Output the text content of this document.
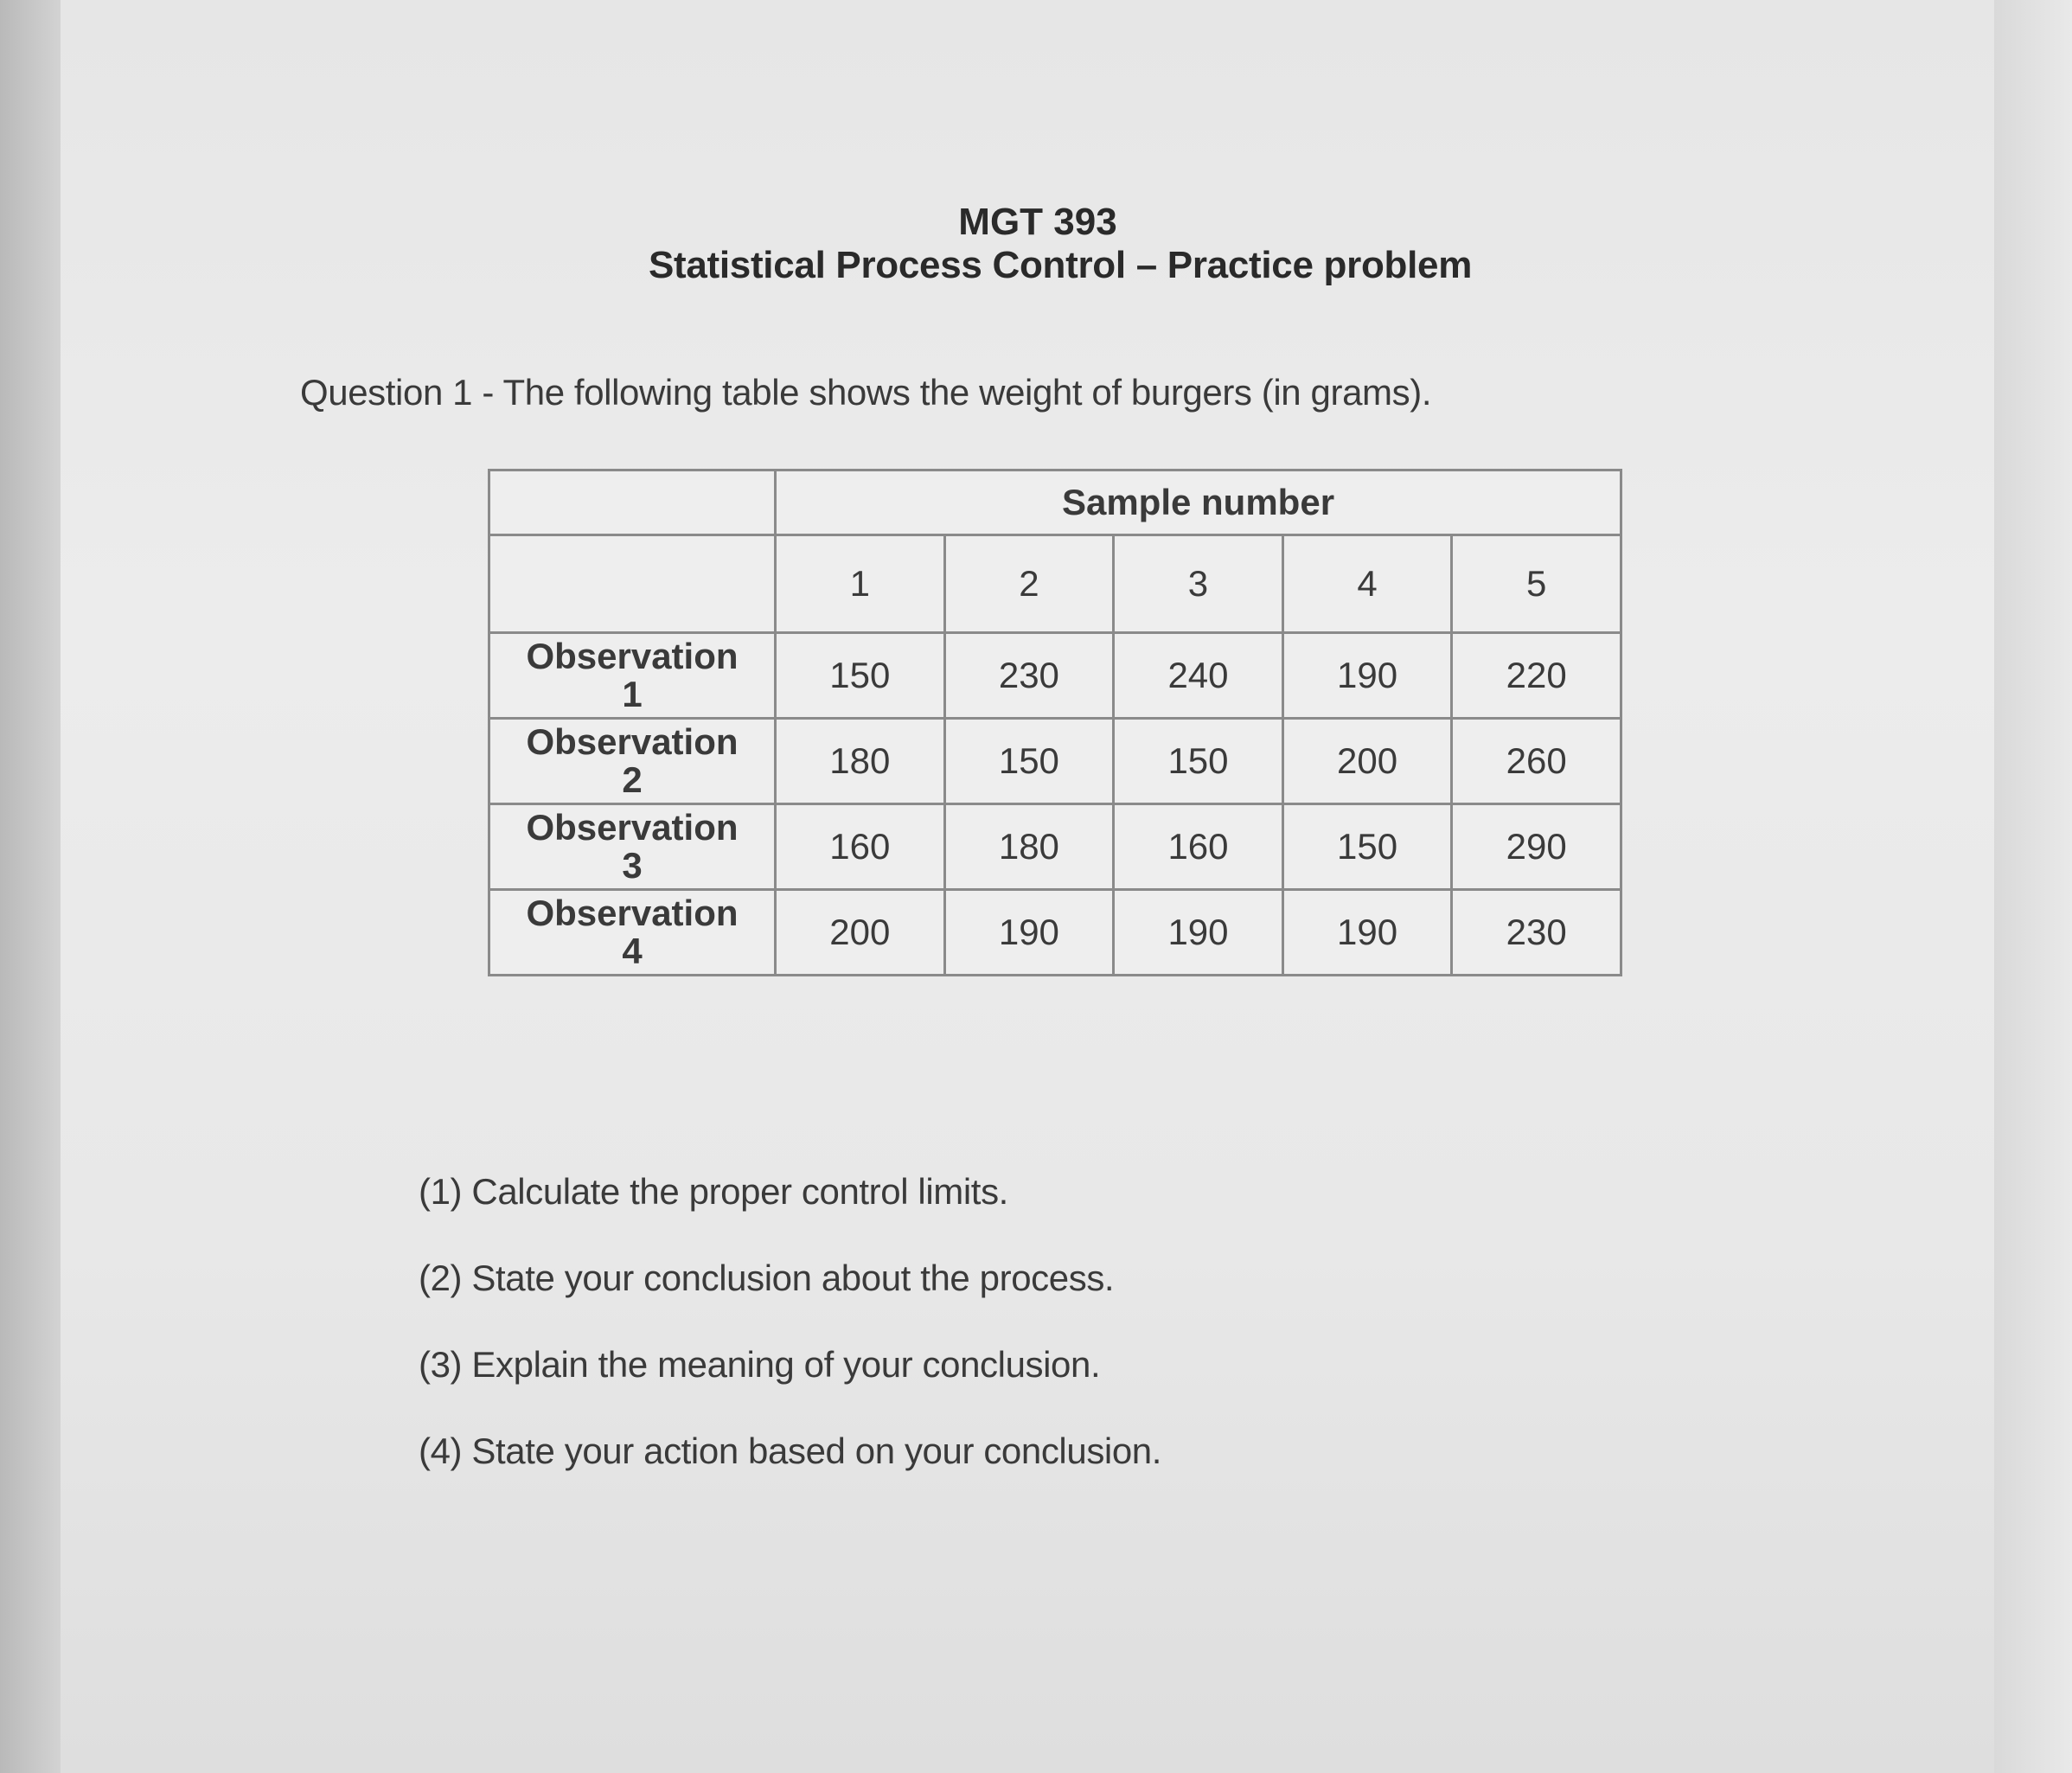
MGT 393
Statistical Process Control – Practice problem
Question 1 - The following table shows the weight of burgers (in grams).
	Sample number				
	1	2	3	4	5
Observation
1	150	230	240	190	220
Observation
2	180	150	150	200	260
Observation
3	160	180	160	150	290
Observation
4	200	190	190	190	230
(1) Calculate the proper control limits.
(2) State your conclusion about the process.
(3) Explain the meaning of your conclusion.
(4) State your action based on your conclusion.
